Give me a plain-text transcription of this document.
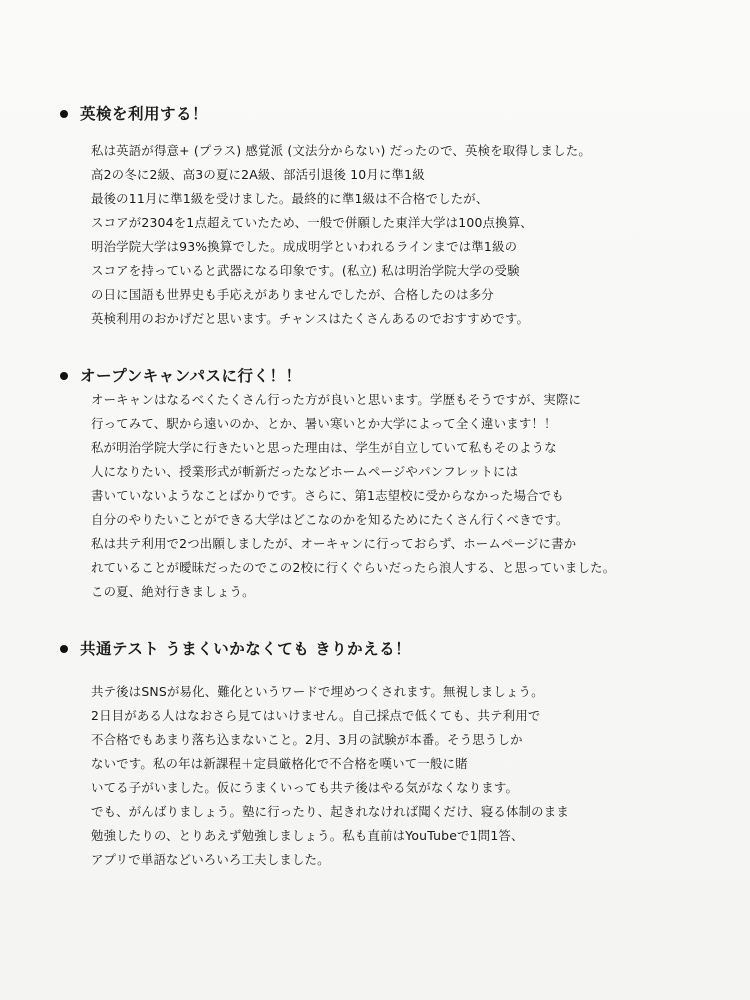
英検を利用する！
私は英語が得意+ (プラス) 感覚派 (文法分からない) だったので、英検を取得しました。
高2の冬に2級、高3の夏に2A級、部活引退後 10月に準1級
最後の11月に準1級を受けました。最終的に準1級は不合格でしたが、
スコアが2304を1点超えていたため、一般で併願した東洋大学は100点換算、
明治学院大学は93%換算でした。成成明学といわれるラインまでは準1級の
スコアを持っていると武器になる印象です。(私立) 私は明治学院大学の受験
の日に国語も世界史も手応えがありませんでしたが、合格したのは多分
英検利用のおかげだと思います。チャンスはたくさんあるのでおすすめです。
オープンキャンパスに行く！！
オーキャンはなるべくたくさん行った方が良いと思います。学歴もそうですが、実際に
行ってみて、駅から遠いのか、とか、暑い寒いとか大学によって全く違います！！
私が明治学院大学に行きたいと思った理由は、学生が自立していて私もそのような
人になりたい、授業形式が斬新だったなどホームページやパンフレットには
書いていないようなことばかりです。さらに、第1志望校に受からなかった場合でも
自分のやりたいことができる大学はどこなのかを知るためにたくさん行くべきです。
私は共テ利用で2つ出願しましたが、オーキャンに行っておらず、ホームページに書か
れていることが曖昧だったのでこの2校に行くぐらいだったら浪人する、と思っていました。
この夏、絶対行きましょう。
共通テスト うまくいかなくても きりかえる！
共テ後はSNSが易化、難化というワードで埋めつくされます。無視しましょう。
2日目がある人はなおさら見てはいけません。自己採点で低くても、共テ利用で
不合格でもあまり落ち込まないこと。2月、3月の試験が本番。そう思うしか
ないです。私の年は新課程＋定員厳格化で不合格を嘆いて一般に賭
いてる子がいました。仮にうまくいっても共テ後はやる気がなくなります。
でも、がんばりましょう。塾に行ったり、起きれなければ聞くだけ、寝る体制のまま
勉強したりの、とりあえず勉強しましょう。私も直前はYouTubeで1問1答、
アプリで単語などいろいろ工夫しました。
